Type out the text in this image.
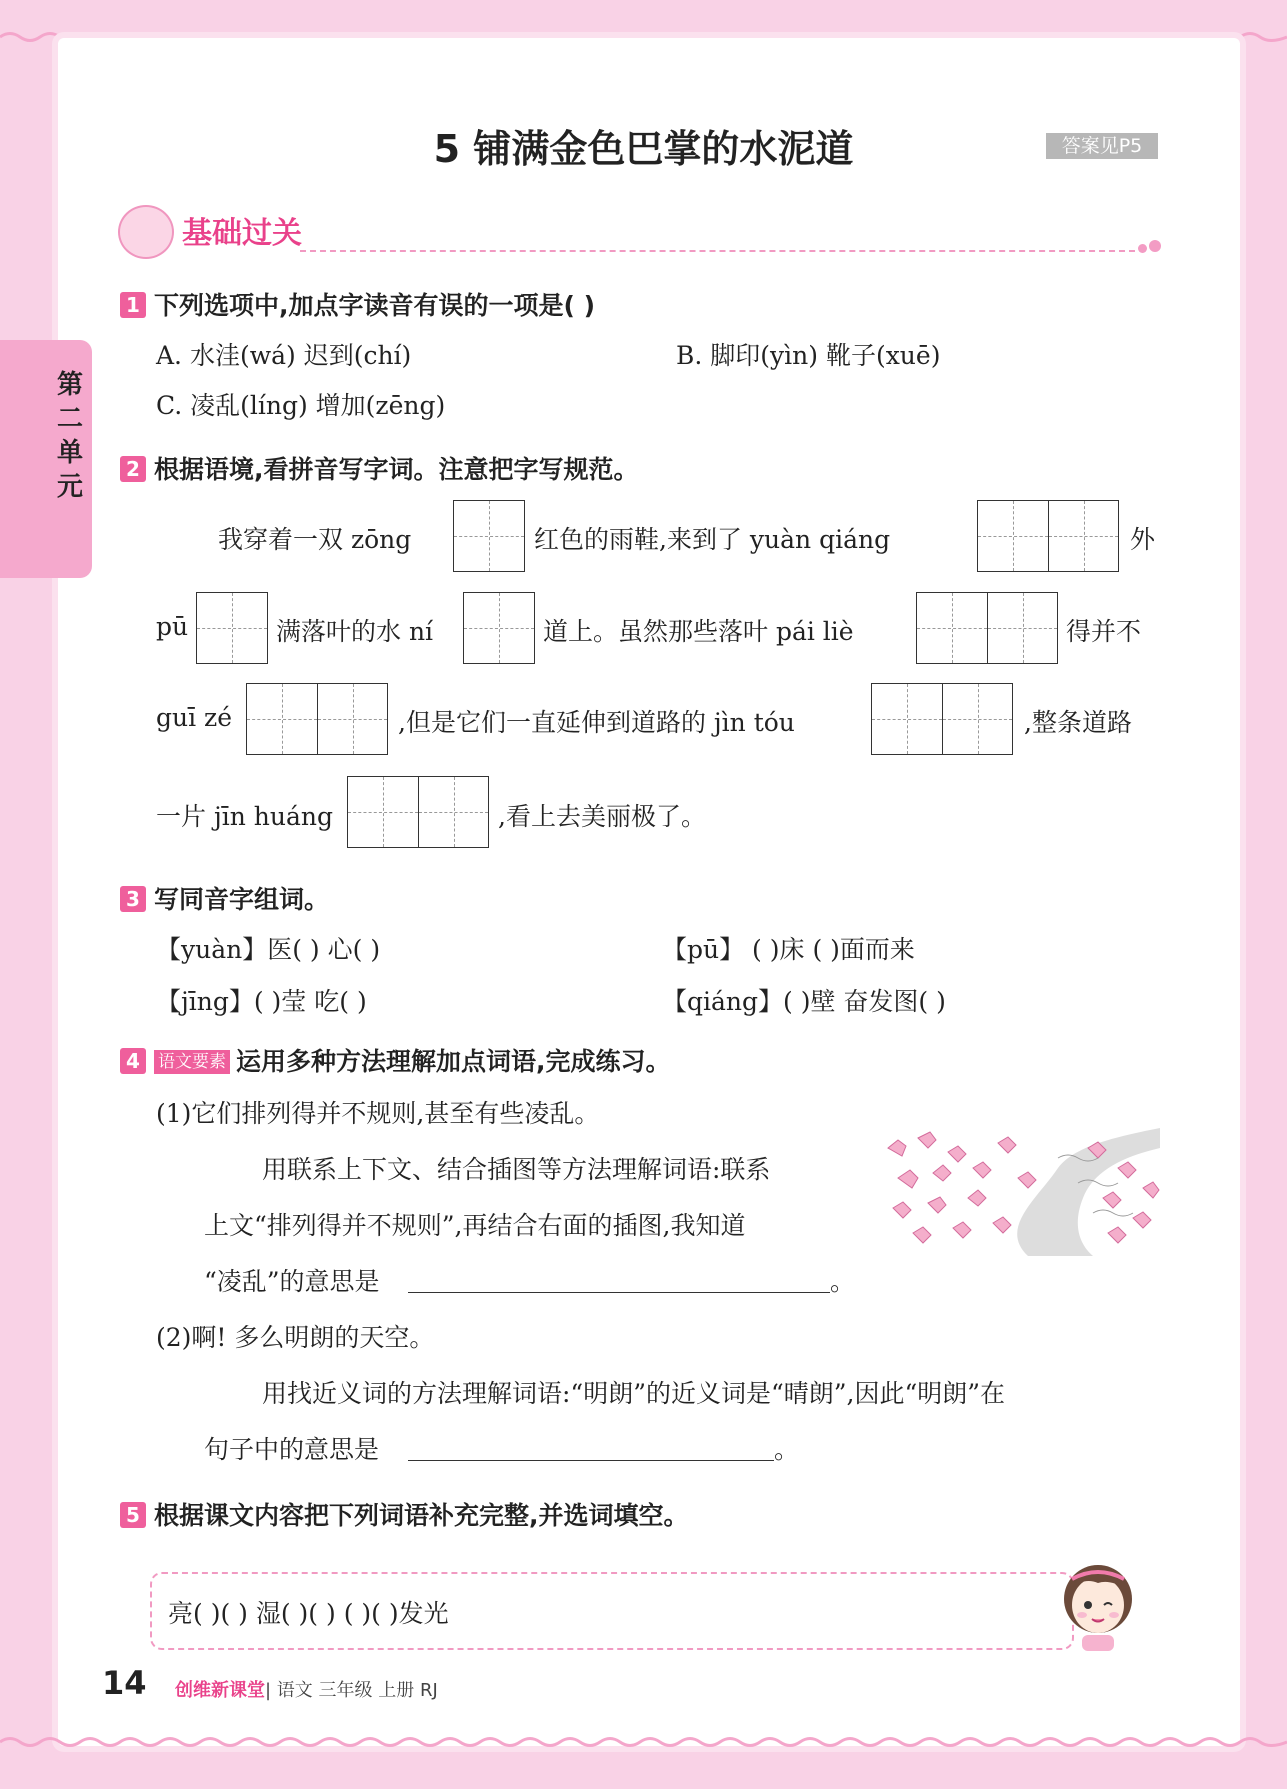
第二单元
5 铺满金色巴掌的水泥道	答案见P5
基础过关
1 下列选项中,加点字读音有误的一项是( )
A. 水洼(wá) 迟到(chí)	B. 脚印(yìn) 靴子(xuē)
C. 凌乱(líng) 增加(zēng)
2 根据语境,看拼音写字词。注意把字写规范。
我穿着一双 zōng	红色的雨鞋,来到了 yuàn qiáng	外
pū	满落叶的水 ní	道上。虽然那些落叶 pái liè	得并不
guī zé	,但是它们一直延伸到道路的 jìn tóu	,整条道路
一片 jīn huáng	,看上去美丽极了。
3 写同音字组词。
【yuàn】医( ) 心( )	【pū】 ( )床 ( )面而来
【jīng】( )莹 吃( )	【qiáng】( )壁 奋发图( )
4 语文要素 运用多种方法理解加点词语,完成练习。
(1)它们排列得并不规则,甚至有些凌乱。
用联系上下文、结合插图等方法理解词语:联系
上文“排列得并不规则”,再结合右面的插图,我知道
“凌乱”的意思是	。
(2)啊! 多么明朗的天空。
用找近义词的方法理解词语:“明朗”的近义词是“晴朗”,因此“明朗”在
句子中的意思是	。
5 根据课文内容把下列词语补充完整,并选词填空。
亮( )( ) 湿( )( ) ( )( )发光
14 创维新课堂| 语文 三年级 上册 RJ
